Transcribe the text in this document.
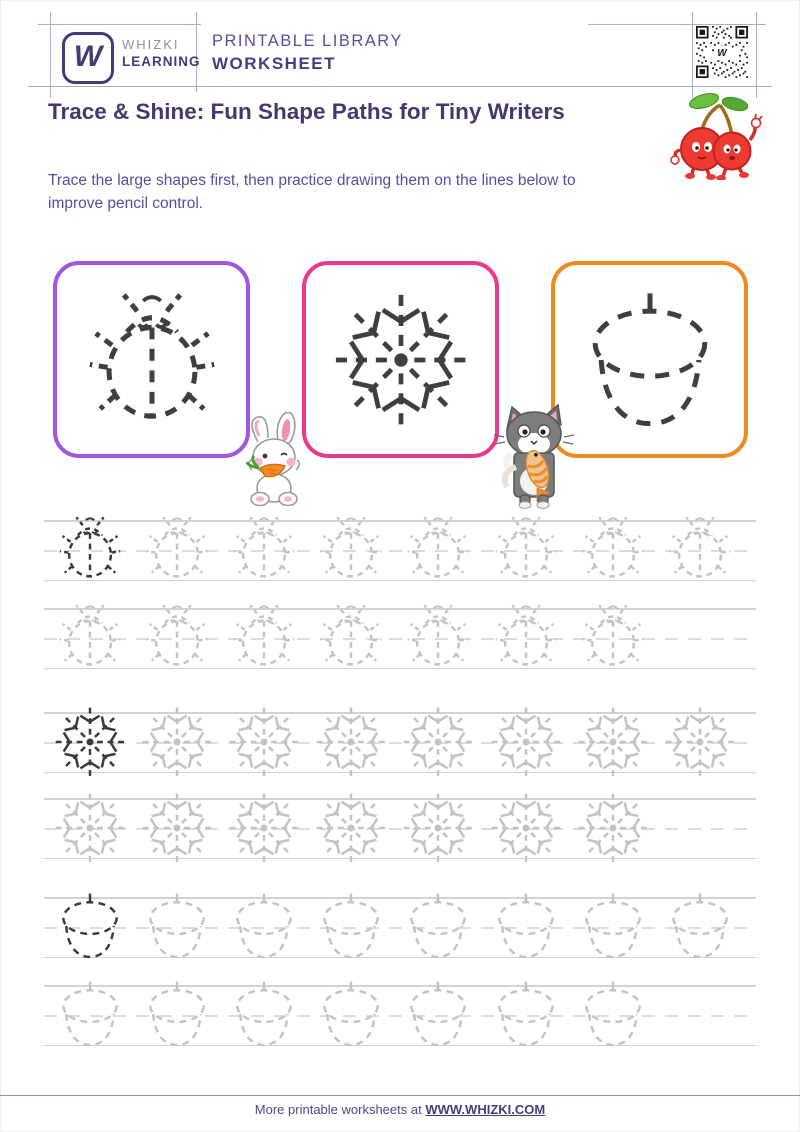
W WHIZKI
LEARNING
PRINTABLE LIBRARY
WORKSHEET
W
Trace & Shine: Fun Shape Paths for Tiny Writers

Trace the large shapes first, then practice drawing them on the lines below to improve pencil control.

More printable worksheets at WWW.WHIZKI.COM
